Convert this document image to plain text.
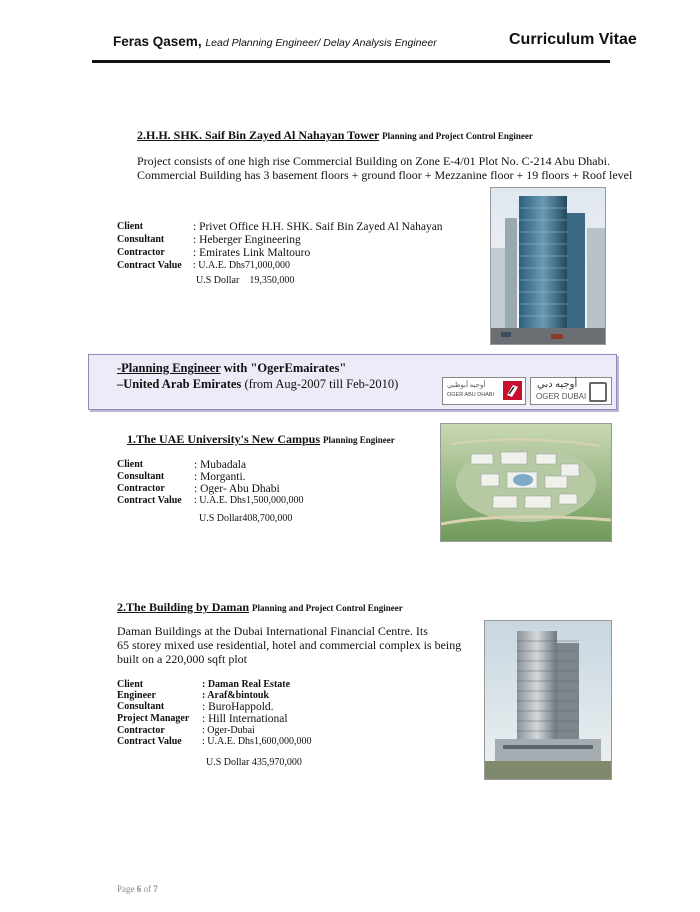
Feras Qasem, Lead Planning Engineer/ Delay Analysis Engineer	Curriculum Vitae
2.H.H. SHK. Saif Bin Zayed Al Nahayan Tower Planning and Project Control Engineer
Project consists of one high rise Commercial Building on Zone E-4/01 Plot No. C-214 Abu Dhabi.
Commercial Building has 3 basement floors + ground floor + Mezzanine floor + 19 floors + Roof level
Client	: Privet Office H.H. SHK. Saif Bin Zayed Al Nahayan
Consultant	: Heberger Engineering
Contractor	: Emirates Link Maltouro
Contract Value	: U.A.E. Dhs71,000,000
U.S Dollar    19,350,000
-Planning Engineer with "OgerEmairates"
–United Arab Emirates (from Aug-2007 till Feb-2010)	أوجيه أبوظبي
OGER ABU DHABI
أوجيه دبي
OGER DUBAI
1.The UAE University's New Campus Planning Engineer
Client	: Mubadala
Consultant	: Morganti.
Contractor	: Oger- Abu Dhabi
Contract Value	: U.A.E. Dhs1,500,000,000
U.S Dollar408,700,000
2.The Building by Daman Planning and Project Control Engineer
Daman Buildings at the Dubai International Financial Centre. Its
65 storey mixed use residential, hotel and commercial complex is being
built on a 220,000 sqft plot
Client	: Daman Real Estate
Engineer	: Araf&bintouk
Consultant	: BuroHappold.
Project Manager	: Hill International
Contractor	: Oger-Dubai
Contract Value	: U.A.E. Dhs1,600,000,000
U.S Dollar 435,970,000
Page 6 of 7
